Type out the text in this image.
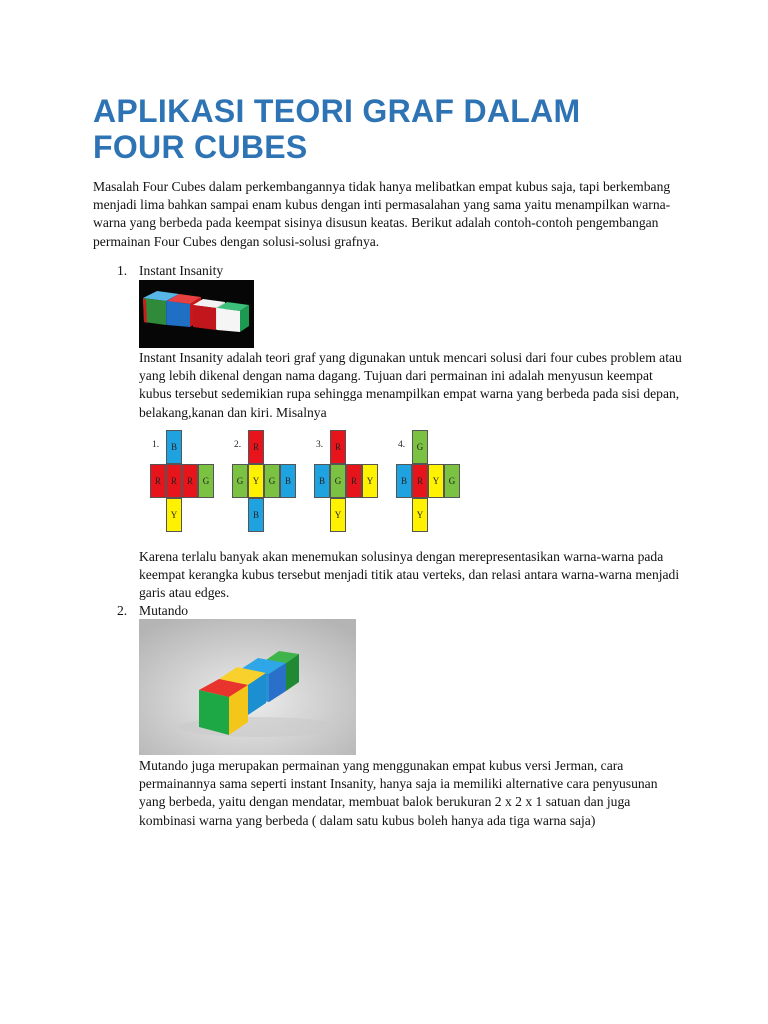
APLIKASI TEORI GRAF DALAM
FOUR CUBES

Masalah Four Cubes dalam perkembangannya tidak hanya melibatkan empat kubus saja, tapi berkembang menjadi lima bahkan sampai enam kubus dengan inti permasalahan yang sama yaitu menampilkan warna-warna yang berbeda pada keempat sisinya disusun keatas. Berikut adalah contoh-contoh pengembangan permainan Four Cubes dengan solusi-solusi grafnya.

1. Instant Insanity

Instant Insanity adalah teori graf yang digunakan untuk mencari solusi dari four cubes problem atau yang lebih dikenal dengan nama dagang. Tujuan dari permainan ini adalah menyusun keempat kubus tersebut sedemikian rupa sehingga menampilkan empat warna yang berbeda pada sisi depan, belakang,kanan dan kiri. Misalnya

1.	B
R	R	R	G
Y
2.	R
G	Y	G	B
B
3.	R
B	G	R	Y
Y
4.	G
B	R	Y	G
Y

Karena terlalu banyak akan menemukan solusinya dengan merepresentasikan warna-warna pada keempat kerangka kubus tersebut menjadi titik atau verteks, dan relasi antara warna-warna menjadi garis atau edges.

2. Mutando

Mutando juga merupakan permainan yang menggunakan empat kubus versi Jerman, cara permainannya sama seperti instant Insanity, hanya saja ia memiliki alternative cara penyusunan yang berbeda, yaitu dengan mendatar, membuat balok berukuran 2 x 2 x 1 satuan dan juga kombinasi warna yang berbeda ( dalam satu kubus boleh hanya ada tiga warna saja)
